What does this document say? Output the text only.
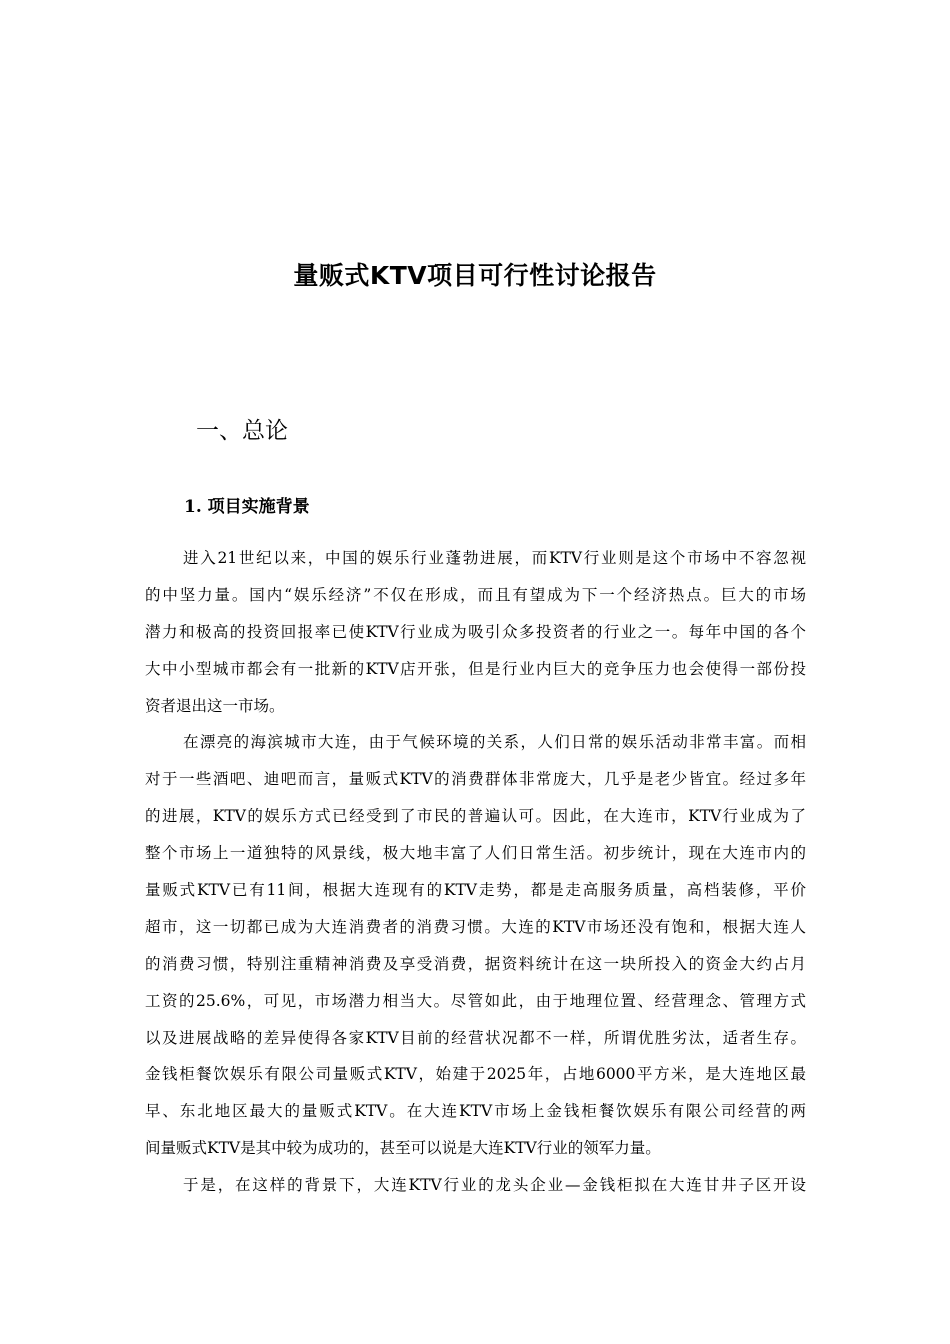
量贩式KTV项目可行性讨论报告
一、总论
1. 项目实施背景
进入21世纪以来，中国的娱乐行业蓬勃进展，而KTV行业则是这个市场中不容忽视
的中坚力量。国内“娱乐经济”不仅在形成，而且有望成为下一个经济热点。巨大的市场
潜力和极高的投资回报率已使KTV行业成为吸引众多投资者的行业之一。每年中国的各个
大中小型城市都会有一批新的KTV店开张，但是行业内巨大的竞争压力也会使得一部份投
资者退出这一市场。
在漂亮的海滨城市大连，由于气候环境的关系，人们日常的娱乐活动非常丰富。而相
对于一些酒吧、迪吧而言，量贩式KTV的消费群体非常庞大，几乎是老少皆宜。经过多年
的进展，KTV的娱乐方式已经受到了市民的普遍认可。因此，在大连市，KTV行业成为了
整个市场上一道独特的风景线，极大地丰富了人们日常生活。初步统计，现在大连市内的
量贩式KTV已有11间，根据大连现有的KTV走势，都是走高服务质量，高档装修，平价
超市，这一切都已成为大连消费者的消费习惯。大连的KTV市场还没有饱和，根据大连人
的消费习惯，特别注重精神消费及享受消费，据资料统计在这一块所投入的资金大约占月
工资的25.6%，可见，市场潜力相当大。尽管如此，由于地理位置、经营理念、管理方式
以及进展战略的差异使得各家KTV目前的经营状况都不一样，所谓优胜劣汰，适者生存。
金钱柜餐饮娱乐有限公司量贩式KTV，始建于2025年，占地6000平方米，是大连地区最
早、东北地区最大的量贩式KTV。在大连KTV市场上金钱柜餐饮娱乐有限公司经营的两
间量贩式KTV是其中较为成功的，甚至可以说是大连KTV行业的领军力量。
于是，在这样的背景下，大连KTV行业的龙头企业—金钱柜拟在大连甘井子区开设
